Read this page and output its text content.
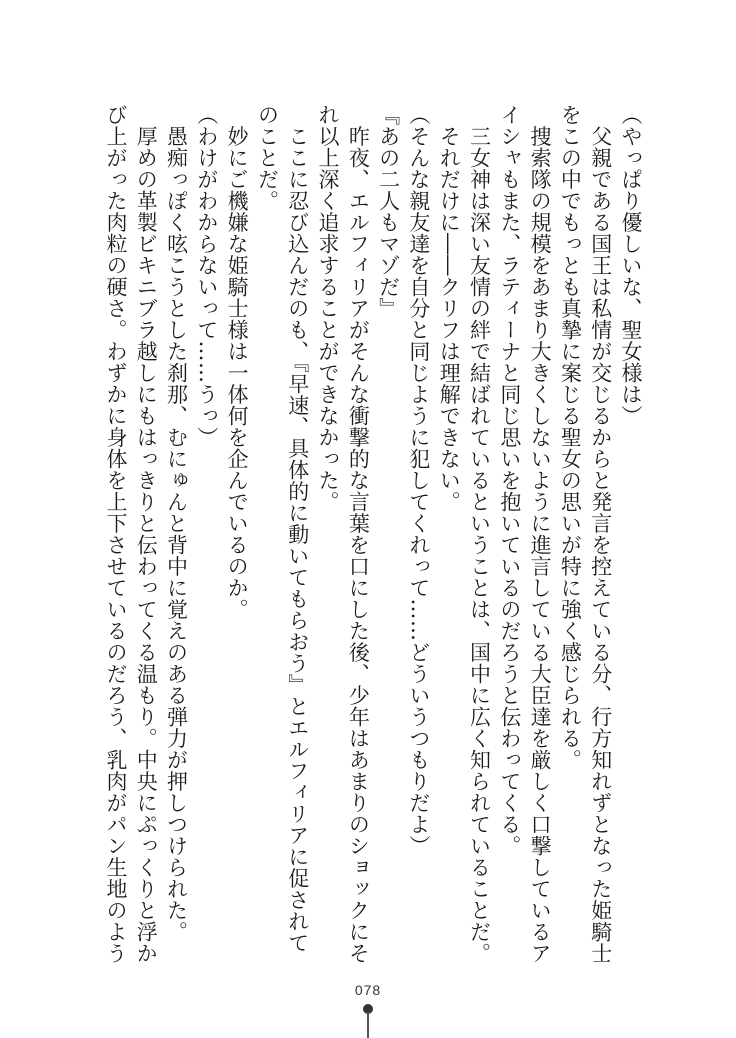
（やっぱり優しいな、聖女様は）

　父親である国王は私情が交じるからと発言を控えている分、行方知れずとなった姫騎士

をこの中でもっとも真摯に案じる聖女の思いが特に強く感じられる。

　捜索隊の規模をあまり大きくしないように進言している大臣達を厳しく口撃しているア

イシャもまた、ラティーナと同じ思いを抱いているのだろうと伝わってくる。

　三女神は深い友情の絆で結ばれているということは、国中に広く知られていることだ。

　それだけに――クリフは理解できない。

（そんな親友達を自分と同じように犯してくれって……どういうつもりだよ）

『あの二人もマゾだ』

　昨夜、エルフィリアがそんな衝撃的な言葉を口にした後、少年はあまりのショックにそ

れ以上深く追求することができなかった。

　ここに忍び込んだのも、『早速、具体的に動いてもらおう』とエルフィリアに促されて

のことだ。

　妙にご機嫌な姫騎士様は一体何を企んでいるのか。

（わけがわからないって……うっ）

　愚痴っぽく呟こうとした刹那、むにゅんと背中に覚えのある弾力が押しつけられた。

　厚めの革製ビキニブラ越しにもはっきりと伝わってくる温もり。中央にぷっくりと浮か

び上がった肉粒の硬さ。わずかに身体を上下させているのだろう、乳肉がパン生地のよう

078
